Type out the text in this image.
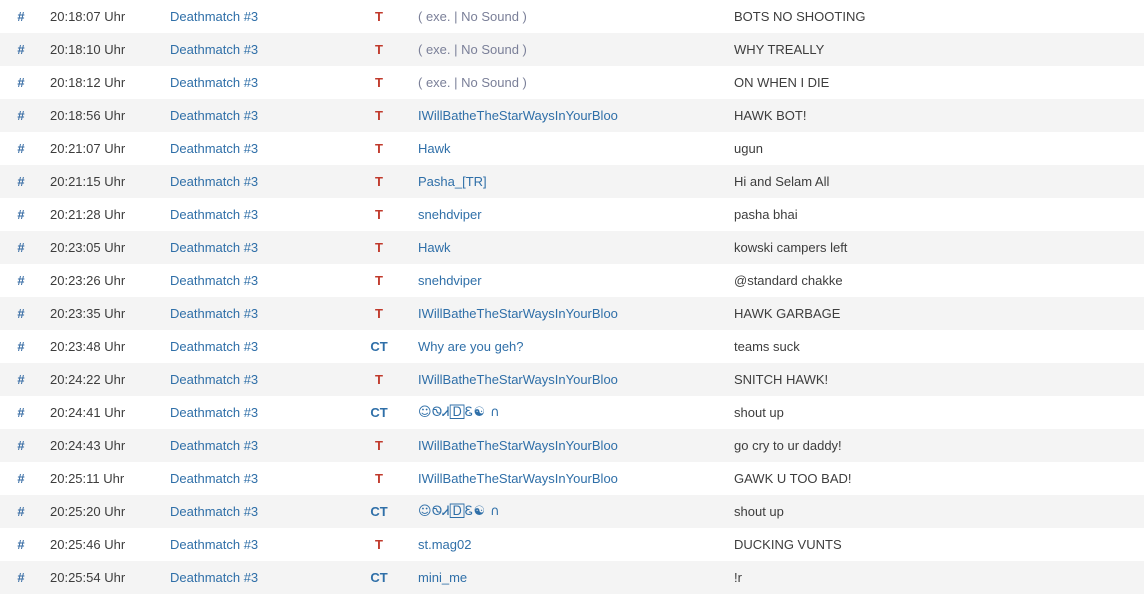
#	20:18:07 Uhr	Deathmatch #3	T	( exe. | No Sound )	BOTS NO SHOOTING
#	20:18:10 Uhr	Deathmatch #3	T	( exe. | No Sound )	WHY TREALLY
#	20:18:12 Uhr	Deathmatch #3	T	( exe. | No Sound )	ON WHEN I DIE
#	20:18:56 Uhr	Deathmatch #3	T	IWillBatheTheStarWaysInYourBloo	HAWK BOT!
#	20:21:07 Uhr	Deathmatch #3	T	Hawk	ugun
#	20:21:15 Uhr	Deathmatch #3	T	Pasha_[TR]	Hi and Selam All
#	20:21:28 Uhr	Deathmatch #3	T	snehdviper	pasha bhai
#	20:23:05 Uhr	Deathmatch #3	T	Hawk	kowski campers left
#	20:23:26 Uhr	Deathmatch #3	T	snehdviper	@standard chakke
#	20:23:35 Uhr	Deathmatch #3	T	IWillBatheTheStarWaysInYourBloo	HAWK GARBAGE
#	20:23:48 Uhr	Deathmatch #3	CT	Why are you geh?	teams suck
#	20:24:22 Uhr	Deathmatch #3	T	IWillBatheTheStarWaysInYourBloo	SNITCH HAWK!
#	20:24:41 Uhr	Deathmatch #3	CT	☺ᏫᏗ🄳Ꮛ☯ ∩	shout up
#	20:24:43 Uhr	Deathmatch #3	T	IWillBatheTheStarWaysInYourBloo	go cry to ur daddy!
#	20:25:11 Uhr	Deathmatch #3	T	IWillBatheTheStarWaysInYourBloo	GAWK U TOO BAD!
#	20:25:20 Uhr	Deathmatch #3	CT	☺ᏫᏗ🄳Ꮛ☯ ∩	shout up
#	20:25:46 Uhr	Deathmatch #3	T	st.mag02	DUCKING VUNTS
#	20:25:54 Uhr	Deathmatch #3	CT	mini_me	!r
